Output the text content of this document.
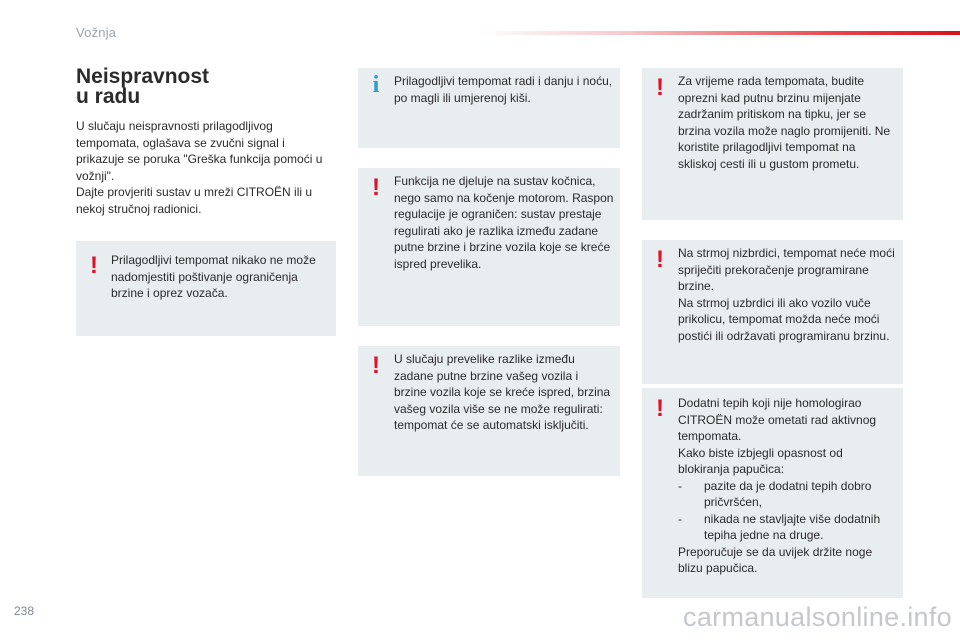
Vožnja
Neispravnost
u radu

U slučaju neispravnosti prilagodljivog tempomata, oglašava se zvučni signal i prikazuje se poruka "Greška funkcija pomoći u vožnji".

Dajte provjeriti sustav u mreži CITROËN ili u nekoj stručnoj radionici.

! Prilagodljivi tempomat nikako ne može nadomjestiti poštivanje ograničenja brzine i oprez vozača.

i Prilagodljivi tempomat radi i danju i noću, po magli ili umjerenoj kiši.

! Funkcija ne djeluje na sustav kočnica, nego samo na kočenje motorom. Raspon regulacije je ograničen: sustav prestaje regulirati ako je razlika između zadane putne brzine i brzine vozila koje se kreće ispred prevelika.

! U slučaju prevelike razlike između zadane putne brzine vašeg vozila i brzine vozila koje se kreće ispred, brzina vašeg vozila više se ne može regulirati: tempomat će se automatski isključiti.

! Za vrijeme rada tempomata, budite oprezni kad putnu brzinu mijenjate zadržanim pritiskom na tipku, jer se brzina vozila može naglo promijeniti. Ne koristite prilagodljivi tempomat na skliskoj cesti ili u gustom prometu.

! Na strmoj nizbrdici, tempomat neće moći spriječiti prekoračenje programirane brzine.

Na strmoj uzbrdici ili ako vozilo vuče prikolicu, tempomat možda neće moći postići ili održavati programiranu brzinu.

! Dodatni tepih koji nije homologirao CITROËN može ometati rad aktivnog tempomata.

Kako biste izbjegli opasnost od blokiranja papučica:

- pazite da je dodatni tepih dobro pričvršćen,
- nikada ne stavljajte više dodatnih tepiha jedne na druge.

Preporučuje se da uvijek držite noge blizu papučica.

238	carmanualsonline.info
